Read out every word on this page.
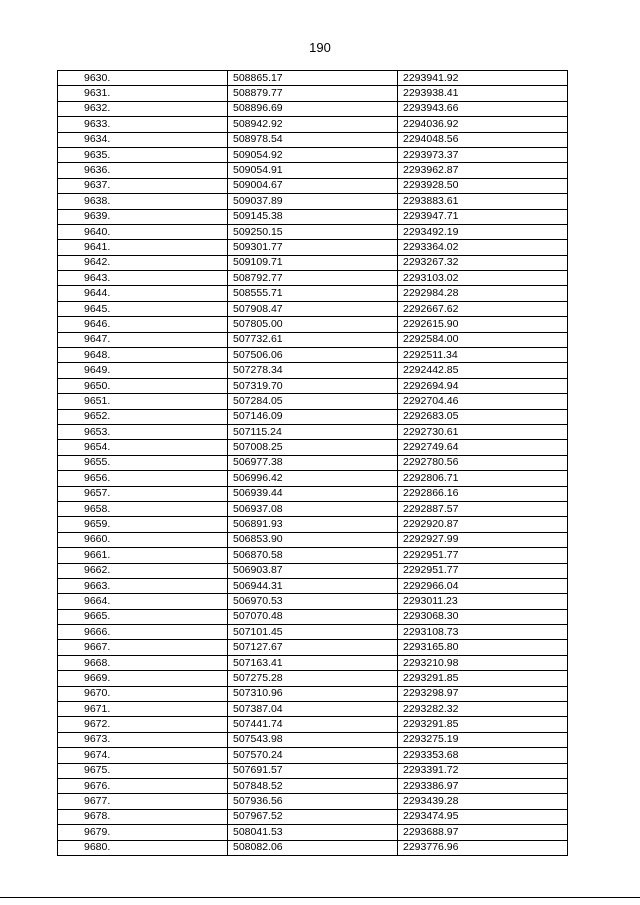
190
9630.	508865.17	2293941.92
9631.	508879.77	2293938.41
9632.	508896.69	2293943.66
9633.	508942.92	2294036.92
9634.	508978.54	2294048.56
9635.	509054.92	2293973.37
9636.	509054.91	2293962.87
9637.	509004.67	2293928.50
9638.	509037.89	2293883.61
9639.	509145.38	2293947.71
9640.	509250.15	2293492.19
9641.	509301.77	2293364.02
9642.	509109.71	2293267.32
9643.	508792.77	2293103.02
9644.	508555.71	2292984.28
9645.	507908.47	2292667.62
9646.	507805.00	2292615.90
9647.	507732.61	2292584.00
9648.	507506.06	2292511.34
9649.	507278.34	2292442.85
9650.	507319.70	2292694.94
9651.	507284.05	2292704.46
9652.	507146.09	2292683.05
9653.	507115.24	2292730.61
9654.	507008.25	2292749.64
9655.	506977.38	2292780.56
9656.	506996.42	2292806.71
9657.	506939.44	2292866.16
9658.	506937.08	2292887.57
9659.	506891.93	2292920.87
9660.	506853.90	2292927.99
9661.	506870.58	2292951.77
9662.	506903.87	2292951.77
9663.	506944.31	2292966.04
9664.	506970.53	2293011.23
9665.	507070.48	2293068.30
9666.	507101.45	2293108.73
9667.	507127.67	2293165.80
9668.	507163.41	2293210.98
9669.	507275.28	2293291.85
9670.	507310.96	2293298.97
9671.	507387.04	2293282.32
9672.	507441.74	2293291.85
9673.	507543.98	2293275.19
9674.	507570.24	2293353.68
9675.	507691.57	2293391.72
9676.	507848.52	2293386.97
9677.	507936.56	2293439.28
9678.	507967.52	2293474.95
9679.	508041.53	2293688.97
9680.	508082.06	2293776.96
